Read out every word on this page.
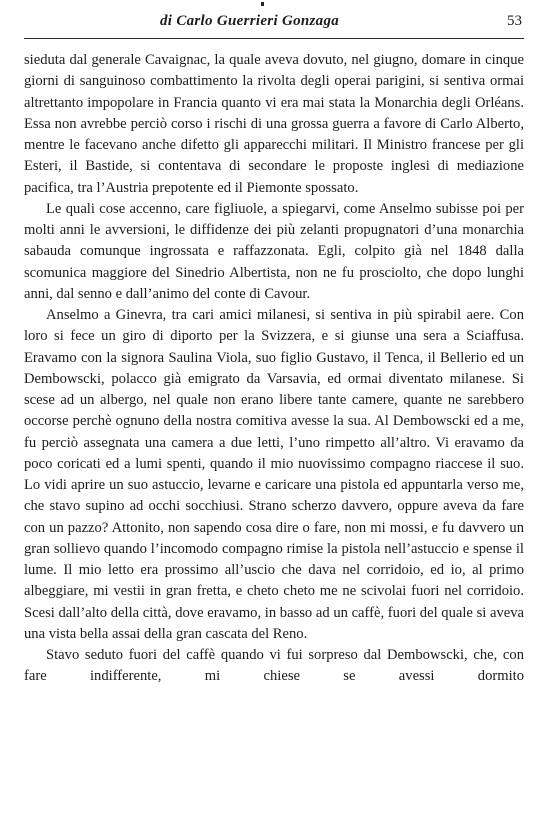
di Carlo Guerrieri Gonzaga	53

sieduta dal generale Cavaignac, la quale aveva dovuto, nel giugno, domare in cinque giorni di sanguinoso combattimento la rivolta degli operai parigini, si sentiva ormai altrettanto impopolare in Francia quanto vi era mai stata la Monarchia degli Orléans. Essa non avrebbe perciò corso i rischi di una grossa guerra a favore di Carlo Alberto, mentre le facevano anche difetto gli apparecchi militari. Il Ministro francese per gli Esteri, il Bastide, si contentava di secondare le proposte inglesi di mediazione pacifica, tra l’Austria prepotente ed il Piemonte spossato.

Le quali cose accenno, care figliuole, a spiegarvi, come Anselmo subisse poi per molti anni le avversioni, le diffidenze dei più zelanti propugnatori d’una monarchia sabauda comunque ingrossata e raffazzonata. Egli, colpito già nel 1848 dalla scomunica maggiore del Sinedrio Albertista, non ne fu prosciolto, che dopo lunghi anni, dal senno e dall’animo del conte di Cavour.

Anselmo a Ginevra, tra cari amici milanesi, si sentiva in più spirabil aere. Con loro si fece un giro di diporto per la Svizzera, e si giunse una sera a Sciaffusa. Eravamo con la signora Saulina Viola, suo figlio Gustavo, il Tenca, il Bellerio ed un Dembowscki, polacco già emigrato da Varsavia, ed ormai diventato milanese. Si scese ad un albergo, nel quale non erano libere tante camere, quante ne sarebbero occorse perchè ognuno della nostra comitiva avesse la sua. Al Dembowscki ed a me, fu perciò assegnata una camera a due letti, l’uno rimpetto all’altro. Vi eravamo da poco coricati ed a lumi spenti, quando il mio nuovissimo compagno riaccese il suo. Lo vidi aprire un suo astuccio, levarne e caricare una pistola ed appuntarla verso me, che stavo supino ad occhi socchiusi. Strano scherzo davvero, oppure aveva da fare con un pazzo? Attonito, non sapendo cosa dire o fare, non mi mossi, e fu davvero un gran sollievo quando l’incomodo compagno rimise la pistola nell’astuccio e spense il lume. Il mio letto era prossimo all’uscio che dava nel corridoio, ed io, al primo albeggiare, mi vestii in gran fretta, e cheto cheto me ne scivolai fuori nel corridoio. Scesi dall’alto della città, dove eravamo, in basso ad un caffè, fuori del quale si aveva una vista bella assai della gran cascata del Reno.

Stavo seduto fuori del caffè quando vi fui sorpreso dal Dembowscki, che, con fare indifferente, mi chiese se avessi dormito
